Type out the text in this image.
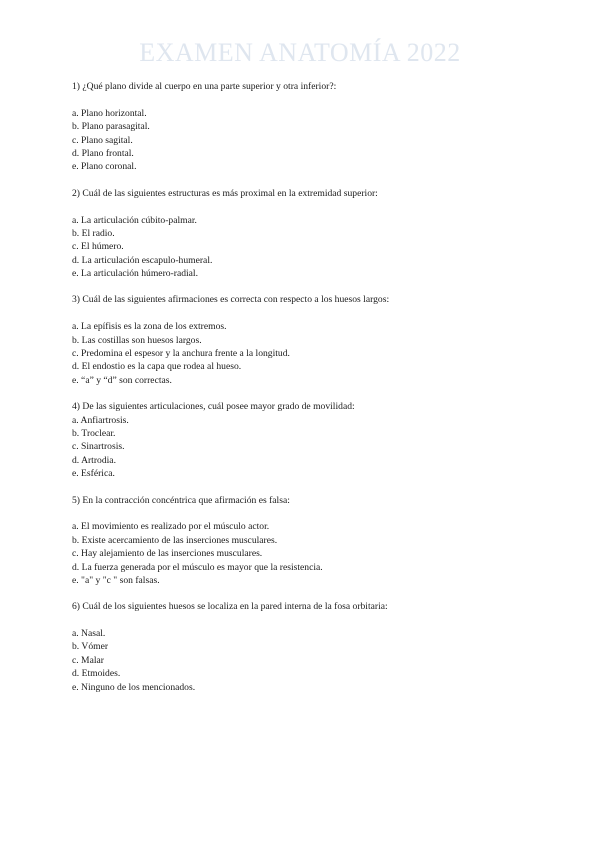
EXAMEN ANATOMÍA 2022
1) ¿Qué plano divide al cuerpo en una parte superior y otra inferior?:
a. Plano horizontal.
b. Plano parasagital.
c. Plano sagital.
d. Plano frontal.
e. Plano coronal.
2) Cuál de las siguientes estructuras es más proximal en la extremidad superior:
a. La articulación cúbito-palmar.
b. El radio.
c. El húmero.
d. La articulación escapulo-humeral.
e. La articulación húmero-radial.
3) Cuál de las siguientes afirmaciones es correcta con respecto a los huesos largos:
a. La epífisis es la zona de los extremos.
b. Las costillas son huesos largos.
c. Predomina el espesor y la anchura frente a la longitud.
d. El endostio es la capa que rodea al hueso.
e. “a” y “d” son correctas.
4) De las siguientes articulaciones, cuál posee mayor grado de movilidad:
a. Anfiartrosis.
b. Troclear.
c. Sinartrosis.
d. Artrodia.
e. Esférica.
5) En la contracción concéntrica que afirmación es falsa:
a. El movimiento es realizado por el músculo actor.
b. Existe acercamiento de las inserciones musculares.
c. Hay alejamiento de las inserciones musculares.
d. La fuerza generada por el músculo es mayor que la resistencia.
e. "a" y "c " son falsas.
6) Cuál de los siguientes huesos se localiza en la pared interna de la fosa orbitaria:
a. Nasal.
b. Vómer
c. Malar
d. Etmoides.
e. Ninguno de los mencionados.
